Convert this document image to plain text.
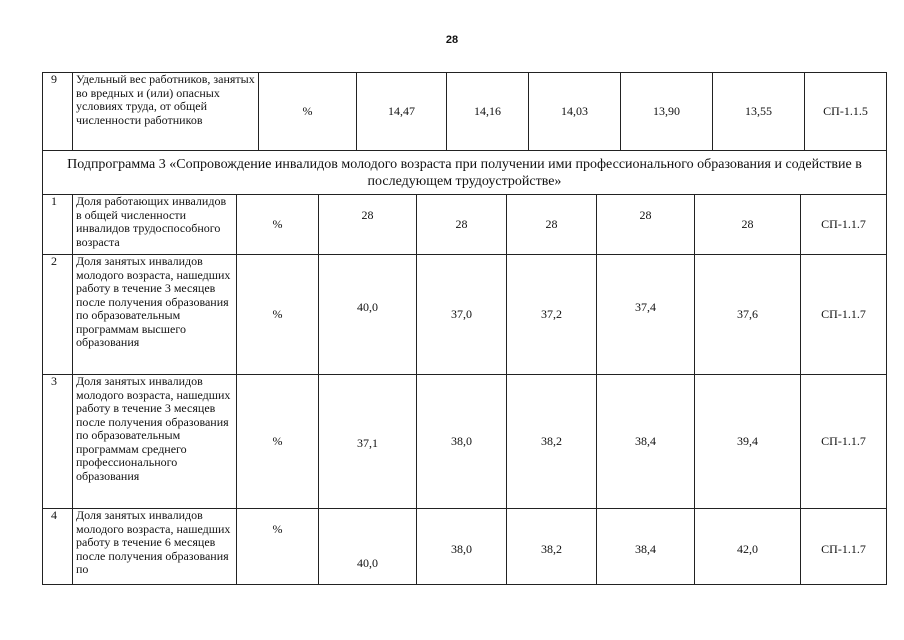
28
9	Удельный вес работников, занятых во вредных и (или) опасных условиях труда, от общей численности работников	%	14,47	14,16	14,03	13,90	13,55	СП-1.1.5
Подпрограмма 3 «Сопровождение инвалидов молодого возраста при получении ими профессионального образования и содействие в последующем трудоустройстве»
1	Доля работающих инвалидов в общей численности инвалидов трудоспособного возраста	%	28	28	28	28	28	СП-1.1.7
2	Доля занятых инвалидов молодого возраста, нашедших работу в течение 3 месяцев после получения образования по образовательным программам высшего образования	%	40,0	37,0	37,2	37,4	37,6	СП-1.1.7
3	Доля занятых инвалидов молодого возраста, нашедших работу в течение 3 месяцев после получения образования по образовательным программам среднего профессионального образования	%	37,1	38,0	38,2	38,4	39,4	СП-1.1.7
4	Доля занятых инвалидов молодого возраста, нашедших работу в течение 6 месяцев после получения образования по	%	40,0	38,0	38,2	38,4	42,0	СП-1.1.7
